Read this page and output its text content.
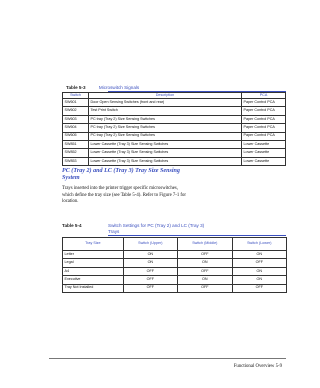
Table 5-3	Microswitch Signals
Switch	Description	PCA
SW601	Door Open Sensing Switches (front and rear)	Paper Control PCA
SW602	Test Print Switch	Paper Control PCA
SW603	PC tray (Tray 2) Size Sensing Switches	Paper Control PCA
SW604	PC tray (Tray 2) Size Sensing Switches	Paper Control PCA
SW605	PC tray (Tray 2) Size Sensing Switches	Paper Control PCA
SW851	Lower Cassette (Tray 3) Size Sensing Switches	Lower Cassette
SW852	Lower Cassette (Tray 3) Size Sensing Switches	Lower Cassette
SW853	Lower Cassette (Tray 3) Size Sensing Switches	Lower Cassette
PC (Tray 2) and LC (Tray 3) Tray Size Sensing
System
Trays inserted into the printer trigger specific microswitches,
which define the tray size (see Table 5-4). Refer to Figure 7-1 for
location.
Table 5-4	Switch Settings for PC (Tray 2) and LC (Tray 3)
Trays
Tray Size	Switch (Upper)	Switch (Middle)	Switch (Lower)
Letter	ON	OFF	ON
Legal	ON	ON	OFF
A4	OFF	OFF	ON
Executive	OFF	ON	ON
Tray Not Installed	OFF	OFF	OFF
Functional Overview 5-9
